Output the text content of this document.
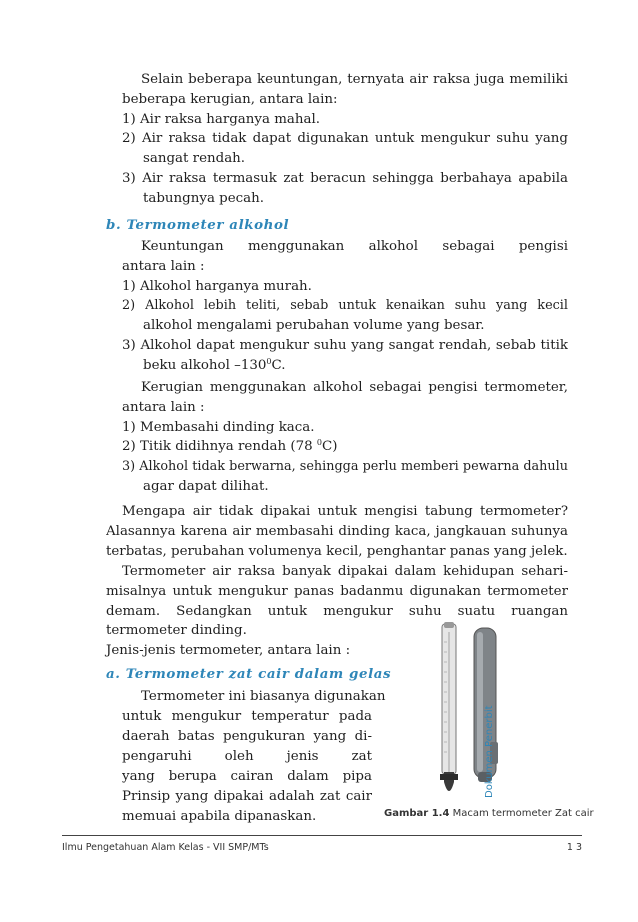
Selain beberapa keuntungan, ternyata air raksa juga memiliki
beberapa kerugian, antara lain:
1) Air raksa harganya mahal.
2) Air raksa tidak dapat digunakan untuk mengukur suhu yang
sangat rendah.
3) Air raksa termasuk zat beracun sehingga berbahaya apabila
tabungnya pecah.
b. Termometer alkohol
Keuntungan menggunakan alkohol sebagai pengisi
antara lain :
1) Alkohol harganya murah.
2) Alkohol lebih teliti, sebab untuk kenaikan suhu yang kecil
alkohol mengalami perubahan volume yang besar.
3) Alkohol dapat mengukur suhu yang sangat rendah, sebab titik
beku alkohol $-130^0C$.
Kerugian menggunakan alkohol sebagai pengisi termometer,
antara lain :
1) Membasahi dinding kaca.
2) Titik didihnya rendah (78 $^0$C)
3) Alkohol tidak berwarna, sehingga perlu memberi pewarna dahulu
agar dapat dilihat.
Mengapa air tidak dipakai untuk mengisi tabung termometer?
Alasannya karena air membasahi dinding kaca, jangkauan suhunya
terbatas, perubahan volumenya kecil, penghantar panas yang jelek.
Termometer air raksa banyak dipakai dalam kehidupan sehari-
misalnya untuk mengukur panas badanmu digunakan termometer
demam. Sedangkan untuk mengukur suhu suatu ruangan
termometer dinding.
Jenis-jenis termometer, antara lain :
a. Termometer zat cair dalam gelas
Termometer ini biasanya digunakan
untuk mengukur temperatur pada
daerah batas pengukuran yang di-
pengaruhi oleh jenis zat
yang berupa cairan dalam pipa
Prinsip yang dipakai adalah zat cair
memuai apabila dipanaskan.
Dokumen Penerbit
Gambar 1.4 Macam termometer Zat cair
Ilmu Pengetahuan Alam Kelas - VII SMP/MTs	1 3
